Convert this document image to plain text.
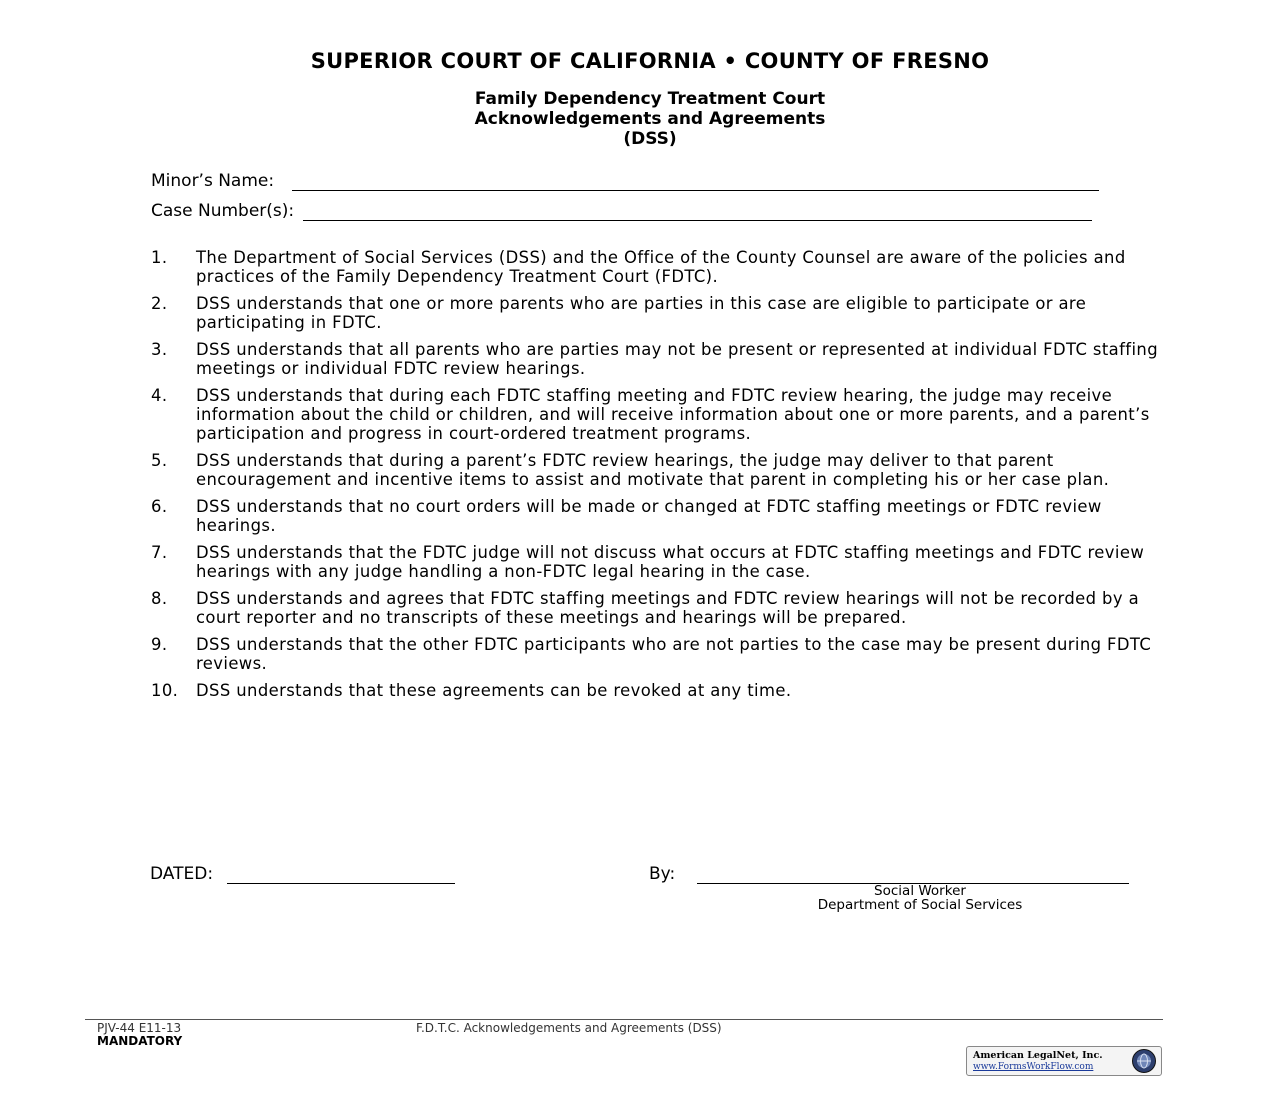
SUPERIOR COURT OF CALIFORNIA • COUNTY OF FRESNO
Family Dependency Treatment Court
Acknowledgements and Agreements
(DSS)
Minor’s Name:
Case Number(s):
1.	The Department of Social Services (DSS) and the Office of the County Counsel are aware of the policies and practices of the Family Dependency Treatment Court (FDTC).
2.	DSS understands that one or more parents who are parties in this case are eligible to participate or are participating in FDTC.
3.	DSS understands that all parents who are parties may not be present or represented at individual FDTC staffing meetings or individual FDTC review hearings.
4.	DSS understands that during each FDTC staffing meeting and FDTC review hearing, the judge may receive information about the child or children, and will receive information about one or more parents, and a parent’s participation and progress in court-ordered treatment programs.
5.	DSS understands that during a parent’s FDTC review hearings, the judge may deliver to that parent encouragement and incentive items to assist and motivate that parent in completing his or her case plan.
6.	DSS understands that no court orders will be made or changed at FDTC staffing meetings or FDTC review hearings.
7.	DSS understands that the FDTC judge will not discuss what occurs at FDTC staffing meetings and FDTC review hearings with any judge handling a non-FDTC legal hearing in the case.
8.	DSS understands and agrees that FDTC staffing meetings and FDTC review hearings will not be recorded by a court reporter and no transcripts of these meetings and hearings will be prepared.
9.	DSS understands that the other FDTC participants who are not parties to the case may be present during FDTC reviews.
10.	DSS understands that these agreements can be revoked at any time.
DATED:	By:
Social Worker
Department of Social Services
PJV-44 E11-13
MANDATORY
F.D.T.C. Acknowledgements and Agreements (DSS)
American LegalNet, Inc.
www.FormsWorkFlow.com
